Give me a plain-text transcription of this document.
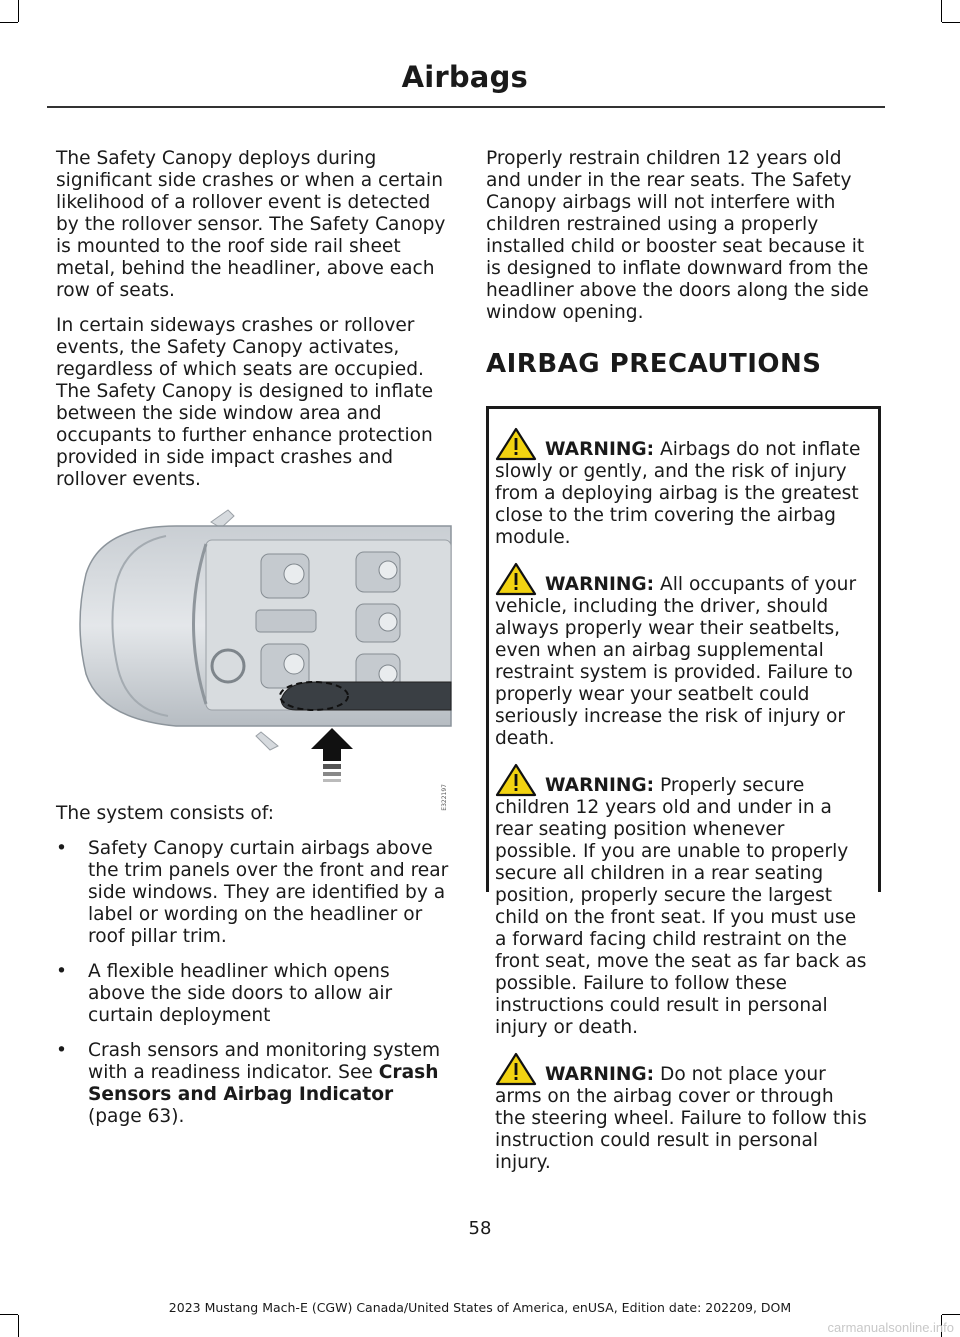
Airbags

The Safety Canopy deploys during significant side crashes or when a certain likelihood of a rollover event is detected by the rollover sensor. The Safety Canopy is mounted to the roof side rail sheet metal, behind the headliner, above each row of seats.

In certain sideways crashes or rollover events, the Safety Canopy activates, regardless of which seats are occupied. The Safety Canopy is designed to inflate between the side window area and occupants to further enhance protection provided in side impact crashes and rollover events.

E322197

The system consists of:

• Safety Canopy curtain airbags above the trim panels over the front and rear side windows. They are identified by a label or wording on the headliner or roof pillar trim.
• A flexible headliner which opens above the side doors to allow air curtain deployment
• Crash sensors and monitoring system with a readiness indicator. See Crash Sensors and Airbag Indicator (page 63).

Properly restrain children 12 years old and under in the rear seats. The Safety Canopy airbags will not interfere with children restrained using a properly installed child or booster seat because it is designed to inflate downward from the headliner above the doors along the side window opening.

AIRBAG PRECAUTIONS

WARNING: Airbags do not inflate slowly or gently, and the risk of injury from a deploying airbag is the greatest close to the trim covering the airbag module.

WARNING: All occupants of your vehicle, including the driver, should always properly wear their seatbelts, even when an airbag supplemental restraint system is provided. Failure to properly wear your seatbelt could seriously increase the risk of injury or death.

WARNING: Properly secure children 12 years old and under in a rear seating position whenever possible. If you are unable to properly secure all children in a rear seating position, properly secure the largest child on the front seat. If you must use a forward facing child restraint on the front seat, move the seat as far back as possible. Failure to follow these instructions could result in personal injury or death.

WARNING: Do not place your arms on the airbag cover or through the steering wheel. Failure to follow this instruction could result in personal injury.

58
2023 Mustang Mach-E (CGW) Canada/United States of America, enUSA, Edition date: 202209, DOM
carmanualsonline.info
